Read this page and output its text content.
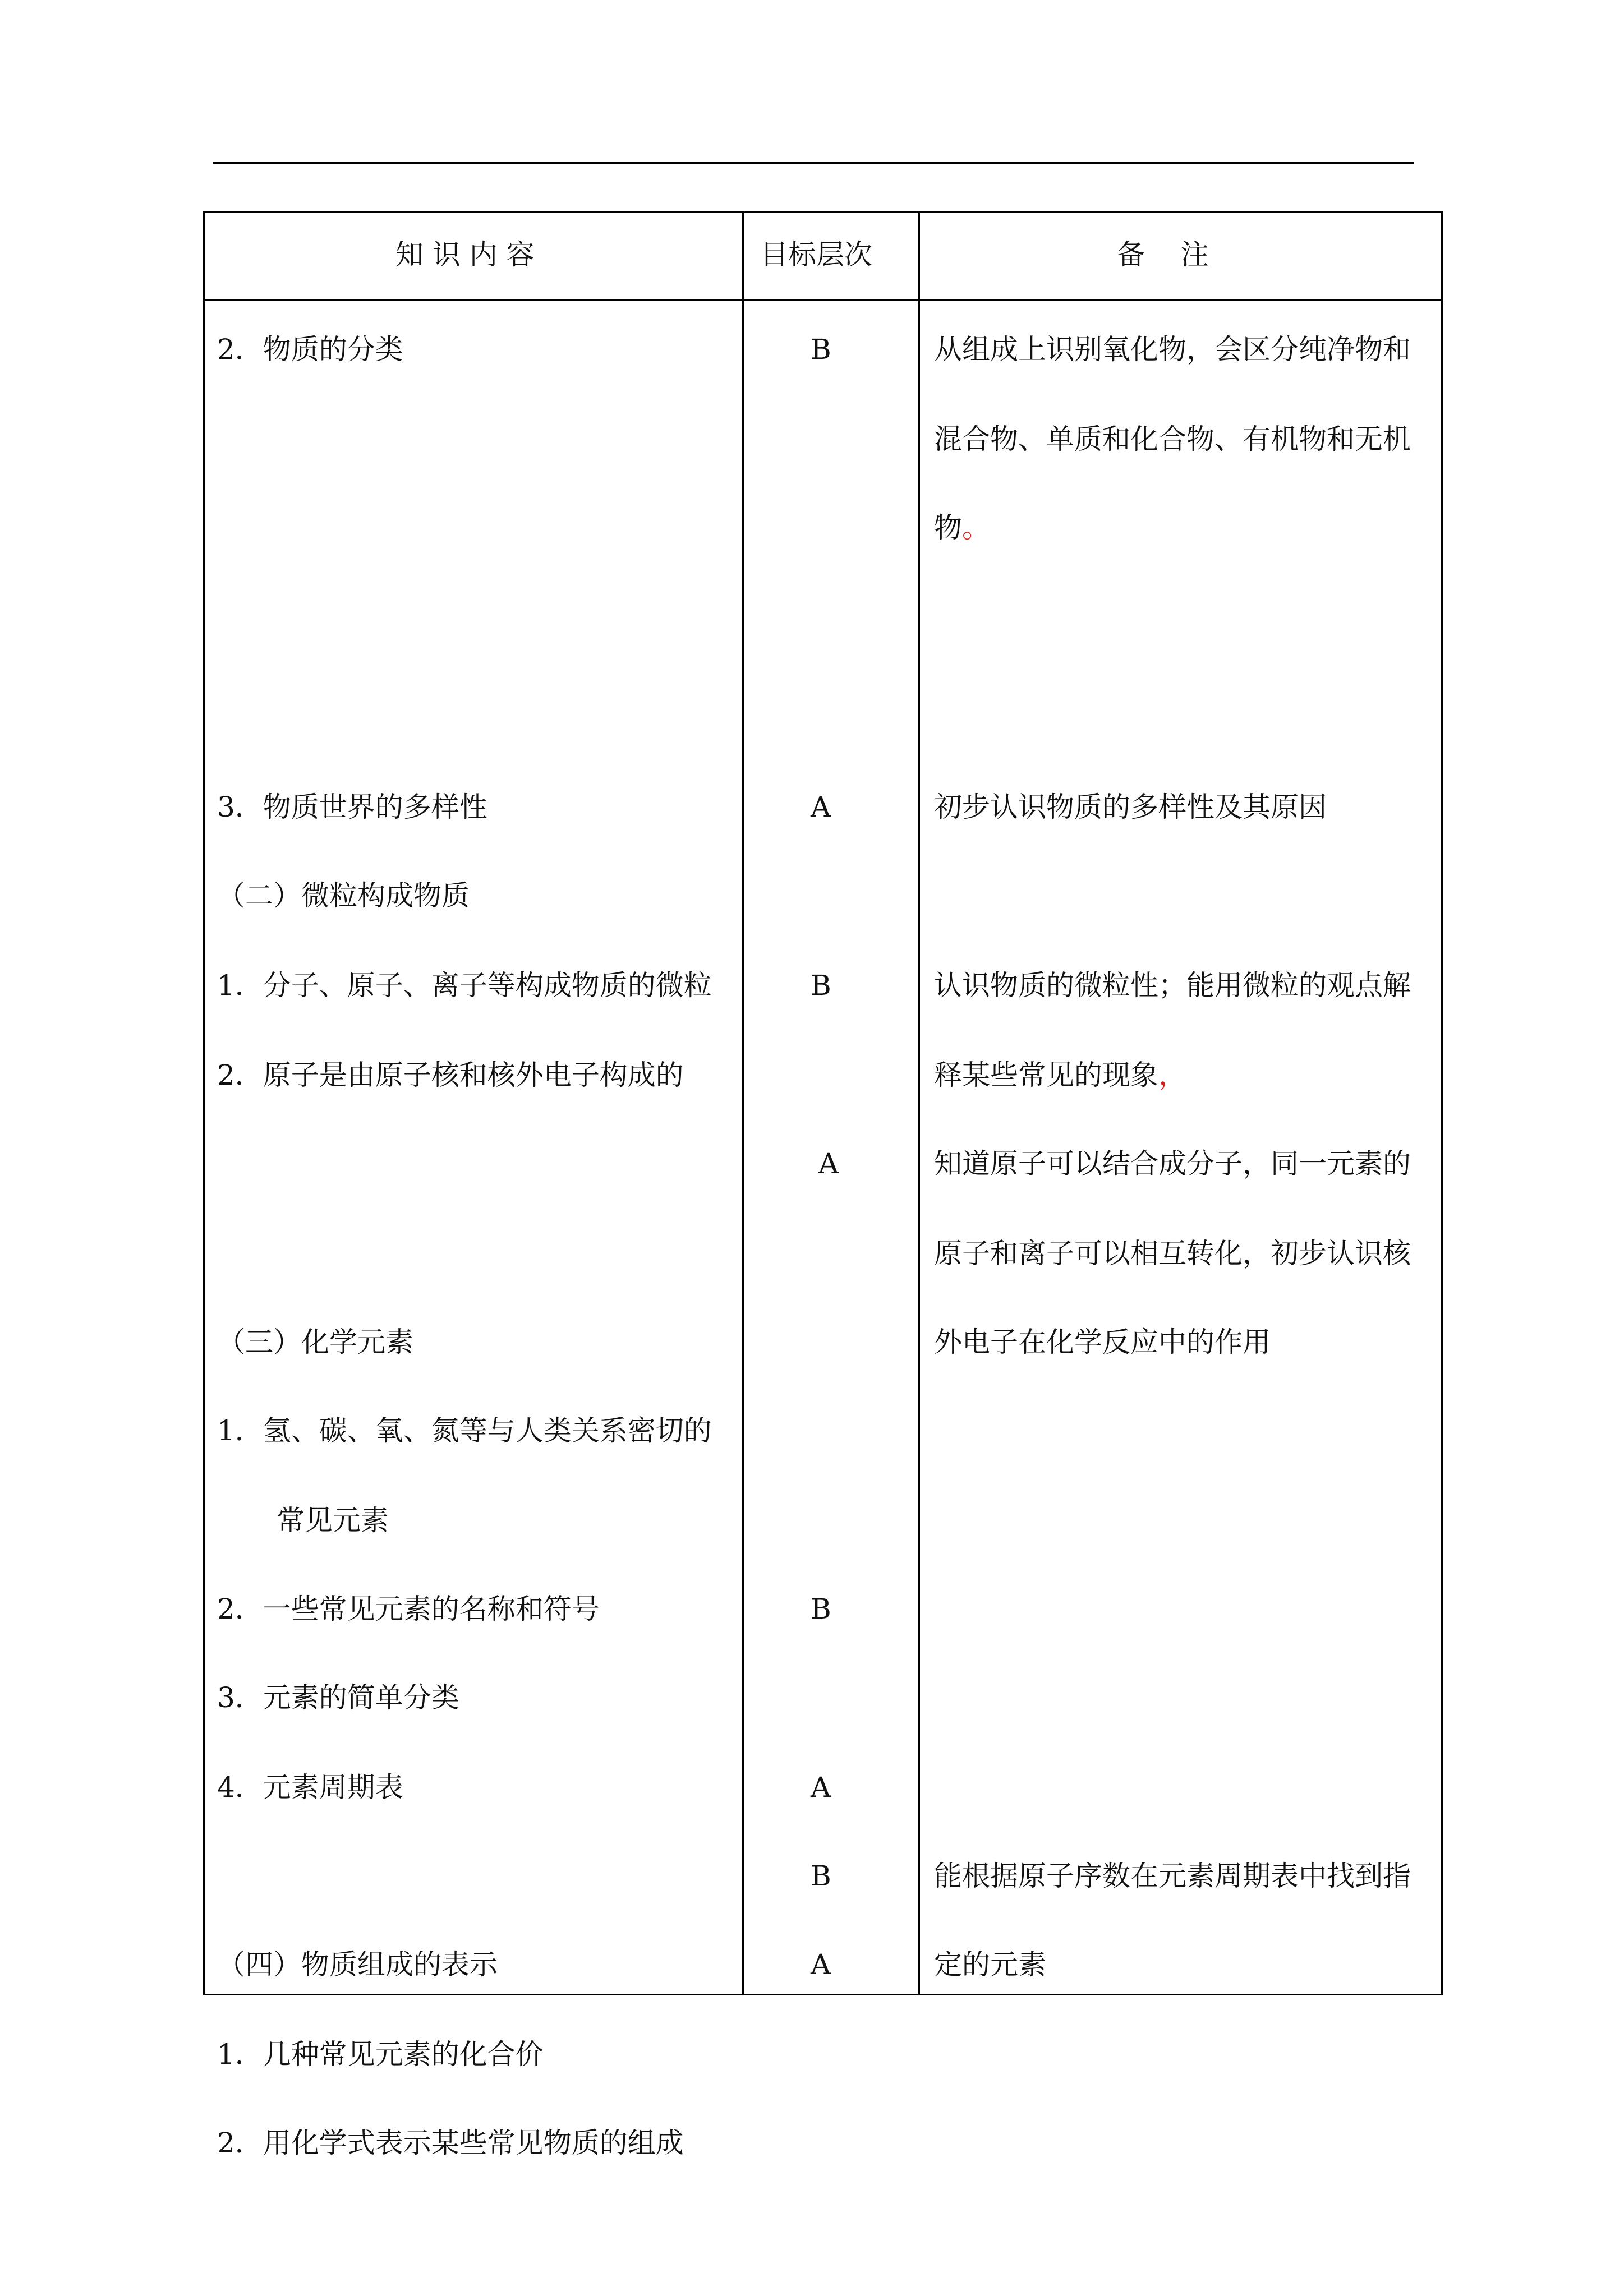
知 识 内 容	目标层次	备    注
2．物质的分类
3．物质世界的多样性
（二）微粒构成物质
1．分子、原子、离子等构成物质的微粒
2．原子是由原子核和核外电子构成的
（三）化学元素
1．氢、碳、氧、氮等与人类关系密切的
常见元素
2．一些常见元素的名称和符号
3．元素的简单分类
4．元素周期表
（四）物质组成的表示
1．几种常见元素的化合价
2．用化学式表示某些常见物质的组成
B
A
B
A
B
A
B
A
从组成上识别氧化物，会区分纯净物和
混合物、单质和化合物、有机物和无机
物。
初步认识物质的多样性及其原因
认识物质的微粒性；能用微粒的观点解
释某些常见的现象，
知道原子可以结合成分子，同一元素的
原子和离子可以相互转化，初步认识核
外电子在化学反应中的作用
能根据原子序数在元素周期表中找到指
定的元素
